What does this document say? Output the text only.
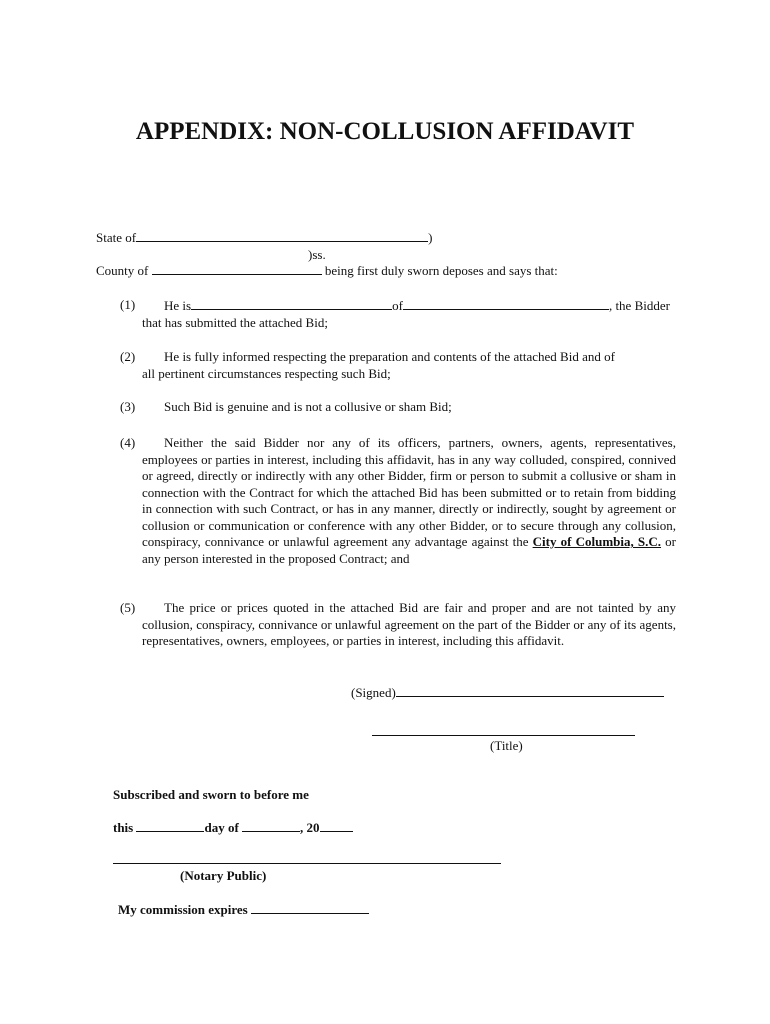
APPENDIX: NON-COLLUSION AFFIDAVIT
State of	)
)ss.
County of	being first duly sworn deposes and says that:
(1)	He is	of	, the Bidder
that has submitted the attached Bid;
(2)	He is fully informed respecting the preparation and contents of the attached Bid and of all pertinent circumstances respecting such Bid;
(3)	Such Bid is genuine and is not a collusive or sham Bid;
(4)	Neither the said Bidder nor any of its officers, partners, owners, agents, representatives, employees or parties in interest, including this affidavit, has in any way colluded, conspired, connived or agreed, directly or indirectly with any other Bidder, firm or person to submit a collusive or sham in connection with the Contract for which the attached Bid has been submitted or to retain from bidding in connection with such Contract, or has in any manner, directly or indirectly, sought by agreement or collusion or communication or conference with any other Bidder, or to secure through any collusion, conspiracy, connivance or unlawful agreement any advantage against the City of Columbia, S.C. or any person interested in the proposed Contract; and
(5)	The price or prices quoted in the attached Bid are fair and proper and are not tainted by any collusion, conspiracy, connivance or unlawful agreement on the part of the Bidder or any of its agents, representatives, owners, employees, or parties in interest, including this affidavit.
(Signed)
(Title)
Subscribed and sworn to before me
this	day of	, 20
(Notary Public)
My commission expires
